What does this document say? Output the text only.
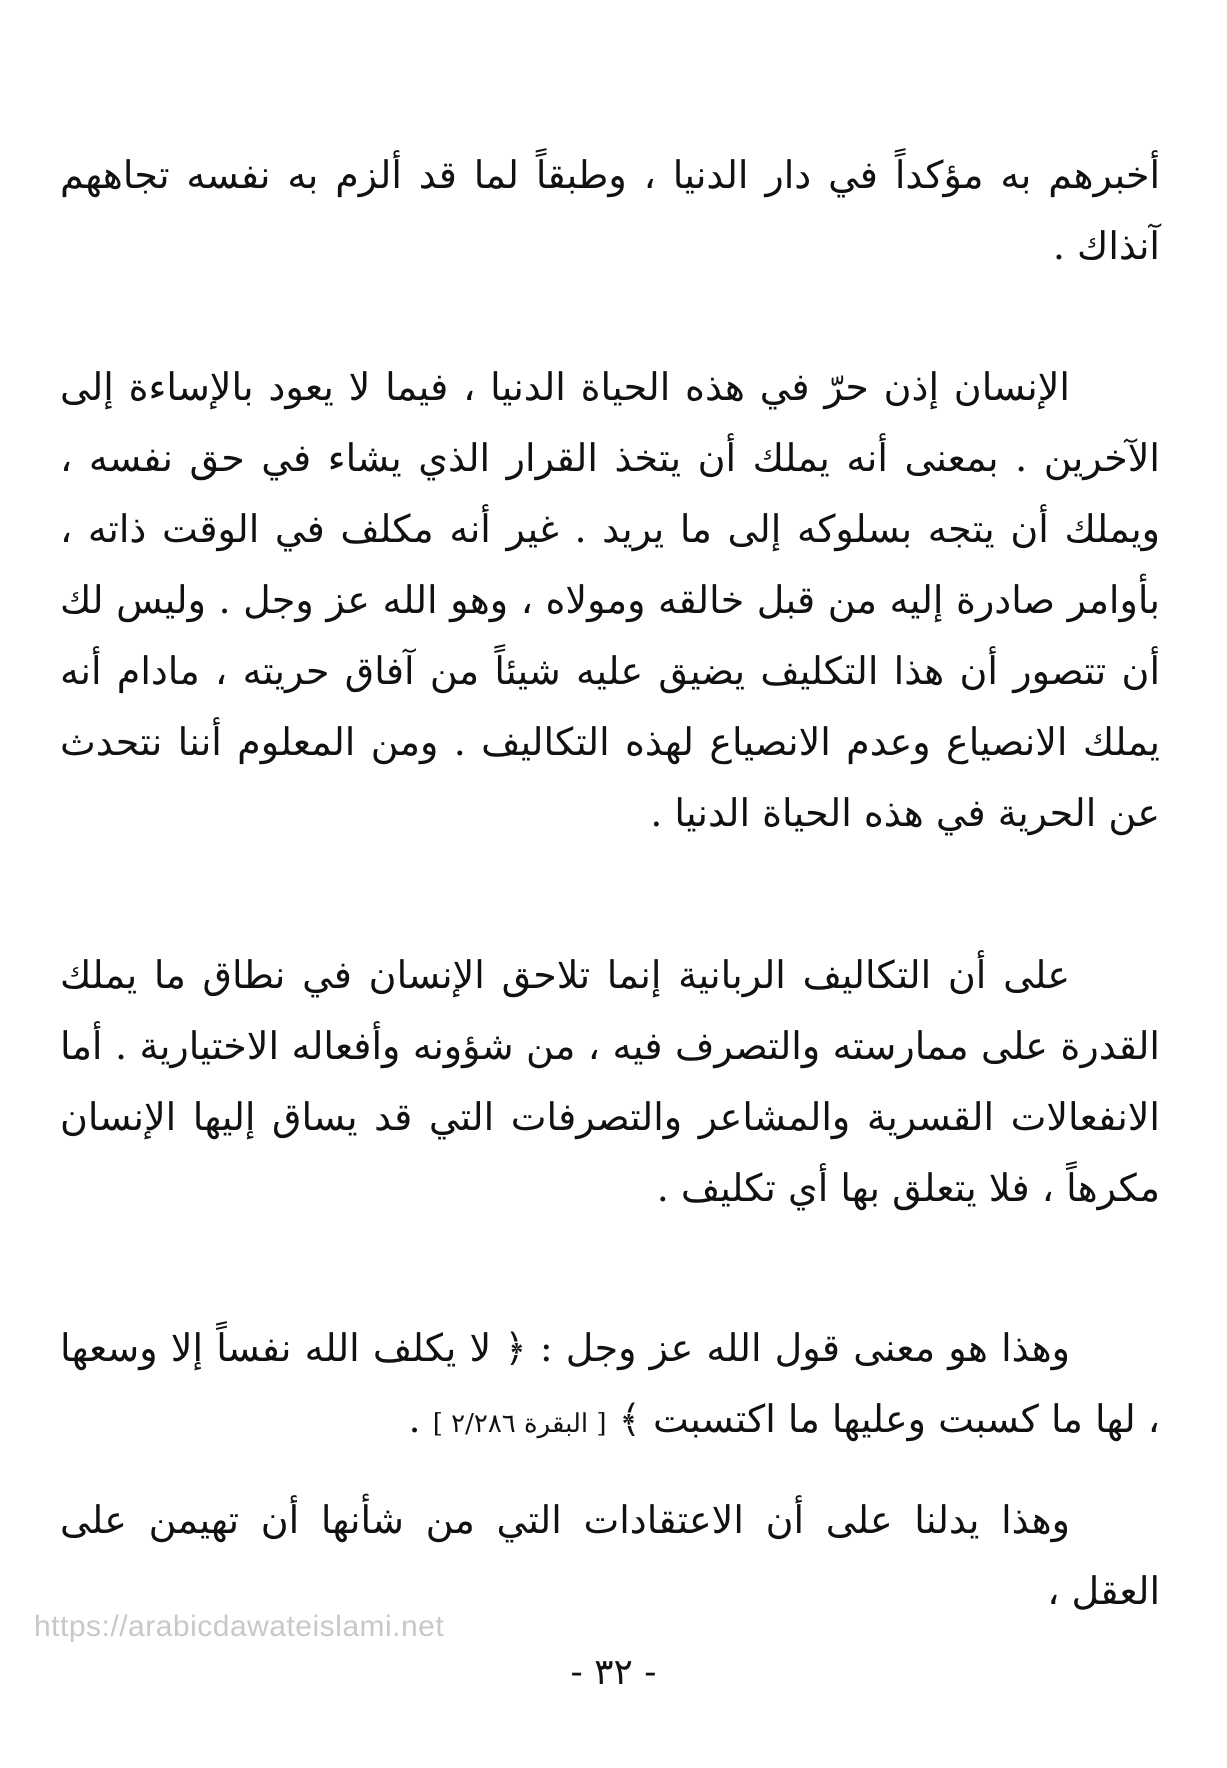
أخبرهم به مؤكداً في دار الدنيا ، وطبقاً لما قد ألزم به نفسه تجاههم آنذاك .
الإنسان إذن حرّ في هذه الحياة الدنيا ، فيما لا يعود بالإساءة إلى الآخرين . بمعنى أنه يملك أن يتخذ القرار الذي يشاء في حق نفسه ، ويملك أن يتجه بسلوكه إلى ما يريد . غير أنه مكلف في الوقت ذاته ، بأوامر صادرة إليه من قبل خالقه ومولاه ، وهو الله عز وجل . وليس لك أن تتصور أن هذا التكليف يضيق عليه شيئاً من آفاق حريته ، مادام أنه يملك الانصياع وعدم الانصياع لهذه التكاليف . ومن المعلوم أننا نتحدث عن الحرية في هذه الحياة الدنيا .
على أن التكاليف الربانية إنما تلاحق الإنسان في نطاق ما يملك القدرة على ممارسته والتصرف فيه ، من شؤونه وأفعاله الاختيارية . أما الانفعالات القسرية والمشاعر والتصرفات التي قد يساق إليها الإنسان مكرهاً ، فلا يتعلق بها أي تكليف .
وهذا هو معنى قول الله عز وجل : ﴿ لا يكلف الله نفساً إلا وسعها ، لها ما كسبت وعليها ما اكتسبت ﴾ [ البقرة ٢/٢٨٦ ] .
وهذا يدلنا على أن الاعتقادات التي من شأنها أن تهيمن على العقل ،
https://arabicdawateislami.net
- ٣٢ -
